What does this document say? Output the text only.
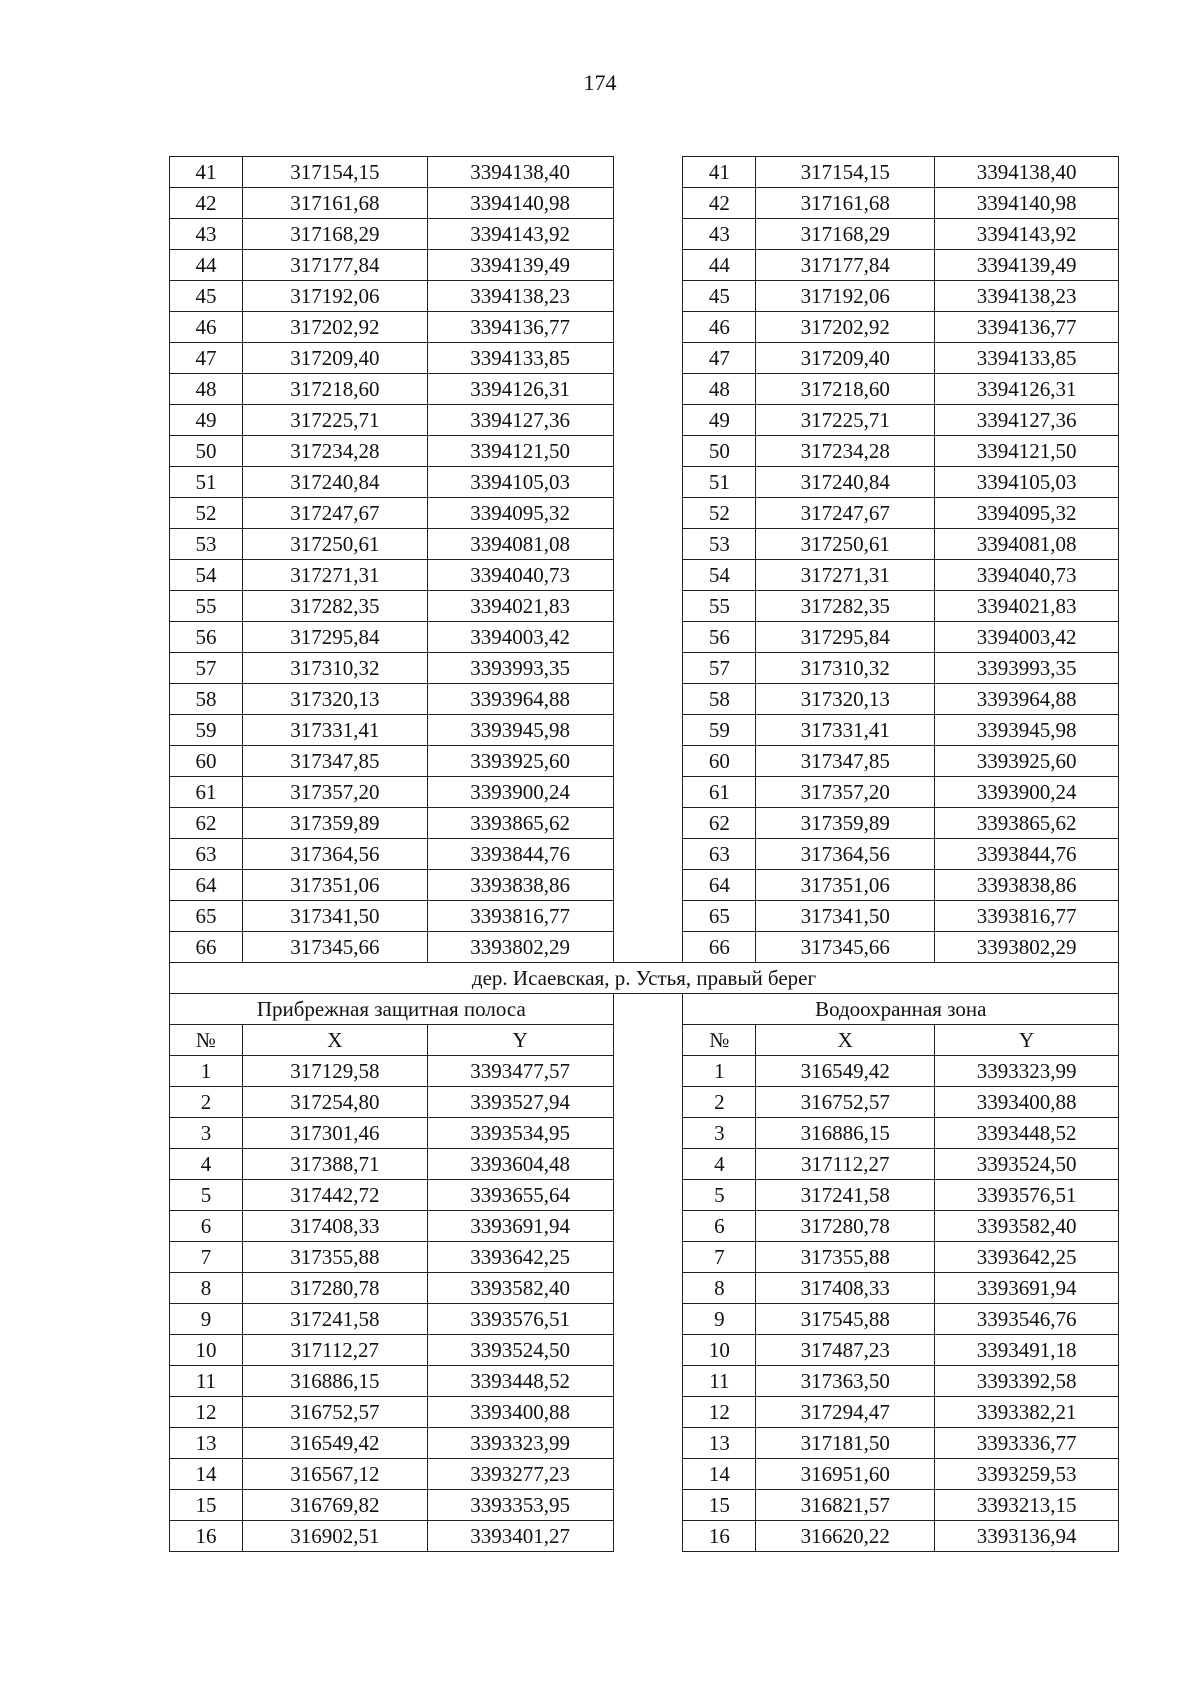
174
41	317154,15	3394138,40		41	317154,15	3394138,40
42	317161,68	3394140,98		42	317161,68	3394140,98
43	317168,29	3394143,92		43	317168,29	3394143,92
44	317177,84	3394139,49		44	317177,84	3394139,49
45	317192,06	3394138,23		45	317192,06	3394138,23
46	317202,92	3394136,77		46	317202,92	3394136,77
47	317209,40	3394133,85		47	317209,40	3394133,85
48	317218,60	3394126,31		48	317218,60	3394126,31
49	317225,71	3394127,36		49	317225,71	3394127,36
50	317234,28	3394121,50		50	317234,28	3394121,50
51	317240,84	3394105,03		51	317240,84	3394105,03
52	317247,67	3394095,32		52	317247,67	3394095,32
53	317250,61	3394081,08		53	317250,61	3394081,08
54	317271,31	3394040,73		54	317271,31	3394040,73
55	317282,35	3394021,83		55	317282,35	3394021,83
56	317295,84	3394003,42		56	317295,84	3394003,42
57	317310,32	3393993,35		57	317310,32	3393993,35
58	317320,13	3393964,88		58	317320,13	3393964,88
59	317331,41	3393945,98		59	317331,41	3393945,98
60	317347,85	3393925,60		60	317347,85	3393925,60
61	317357,20	3393900,24		61	317357,20	3393900,24
62	317359,89	3393865,62		62	317359,89	3393865,62
63	317364,56	3393844,76		63	317364,56	3393844,76
64	317351,06	3393838,86		64	317351,06	3393838,86
65	317341,50	3393816,77		65	317341,50	3393816,77
66	317345,66	3393802,29		66	317345,66	3393802,29
дер. Исаевская, р. Устья, правый берег						
Прибрежная защитная полоса				Водоохранная зона		
№	X	Y		№	X	Y
1	317129,58	3393477,57		1	316549,42	3393323,99
2	317254,80	3393527,94		2	316752,57	3393400,88
3	317301,46	3393534,95		3	316886,15	3393448,52
4	317388,71	3393604,48		4	317112,27	3393524,50
5	317442,72	3393655,64		5	317241,58	3393576,51
6	317408,33	3393691,94		6	317280,78	3393582,40
7	317355,88	3393642,25		7	317355,88	3393642,25
8	317280,78	3393582,40		8	317408,33	3393691,94
9	317241,58	3393576,51		9	317545,88	3393546,76
10	317112,27	3393524,50		10	317487,23	3393491,18
11	316886,15	3393448,52		11	317363,50	3393392,58
12	316752,57	3393400,88		12	317294,47	3393382,21
13	316549,42	3393323,99		13	317181,50	3393336,77
14	316567,12	3393277,23		14	316951,60	3393259,53
15	316769,82	3393353,95		15	316821,57	3393213,15
16	316902,51	3393401,27		16	316620,22	3393136,94
